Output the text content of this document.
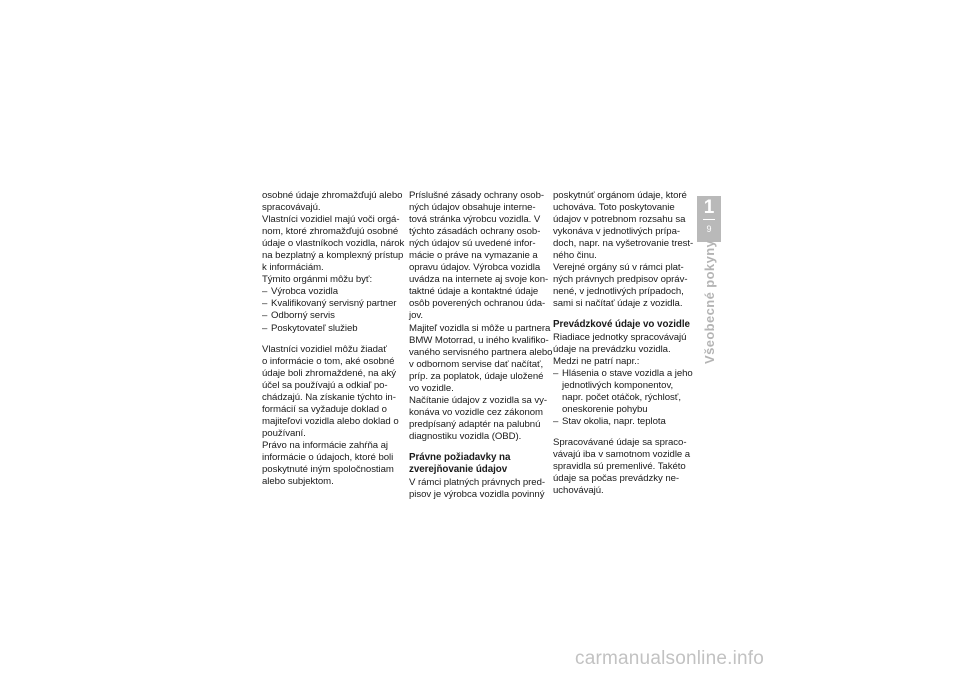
osobné údaje zhromažďujú alebo
spracovávajú.
Vlastníci vozidiel majú voči orgá-
nom, ktoré zhromažďujú osobné
údaje o vlastníkoch vozidla, nárok
na bezplatný a komplexný prístup
k informáciám.
Týmito orgánmi môžu byť:
– Výrobca vozidla
– Kvalifikovaný servisný partner
– Odborný servis
– Poskytovateľ služieb
Vlastníci vozidiel môžu žiadať
o informácie o tom, aké osobné
údaje boli zhromaždené, na aký
účel sa používajú a odkiaľ po-
chádzajú. Na získanie týchto in-
formácií sa vyžaduje doklad o
majiteľovi vozidla alebo doklad o
používaní.
Právo na informácie zahŕňa aj
informácie o údajoch, ktoré boli
poskytnuté iným spoločnostiam
alebo subjektom.
Príslušné zásady ochrany osob-
ných údajov obsahuje interne-
tová stránka výrobcu vozidla. V
týchto zásadách ochrany osob-
ných údajov sú uvedené infor-
mácie o práve na vymazanie a
opravu údajov. Výrobca vozidla
uvádza na internete aj svoje kon-
taktné údaje a kontaktné údaje
osôb poverených ochranou úda-
jov.
Majiteľ vozidla si môže u partnera
BMW Motorrad, u iného kvalifiko-
vaného servisného partnera alebo
v odbornom servise dať načítať,
príp. za poplatok, údaje uložené
vo vozidle.
Načítanie údajov z vozidla sa vy-
konáva vo vozidle cez zákonom
predpísaný adaptér na palubnú
diagnostiku vozidla (OBD).
Právne požiadavky na
zverejňovanie údajov
V rámci platných právnych pred-
pisov je výrobca vozidla povinný
poskytnúť orgánom údaje, ktoré
uchováva. Toto poskytovanie
údajov v potrebnom rozsahu sa
vykonáva v jednotlivých prípa-
doch, napr. na vyšetrovanie trest-
ného činu.
Verejné orgány sú v rámci plat-
ných právnych predpisov opráv-
nené, v jednotlivých prípadoch,
sami si načítať údaje z vozidla.
Prevádzkové údaje vo vozidle
Riadiace jednotky spracovávajú
údaje na prevádzku vozidla.
Medzi ne patrí napr.:
– Hlásenia o stave vozidla a jeho
jednotlivých komponentov,
napr. počet otáčok, rýchlosť,
oneskorenie pohybu
– Stav okolia, napr. teplota
Spracovávané údaje sa spraco-
vávajú iba v samotnom vozidle a
spravidla sú premenlivé. Takéto
údaje sa počas prevádzky ne-
uchovávajú.
1
9
Všeobecné pokyny
carmanualsonline.info
